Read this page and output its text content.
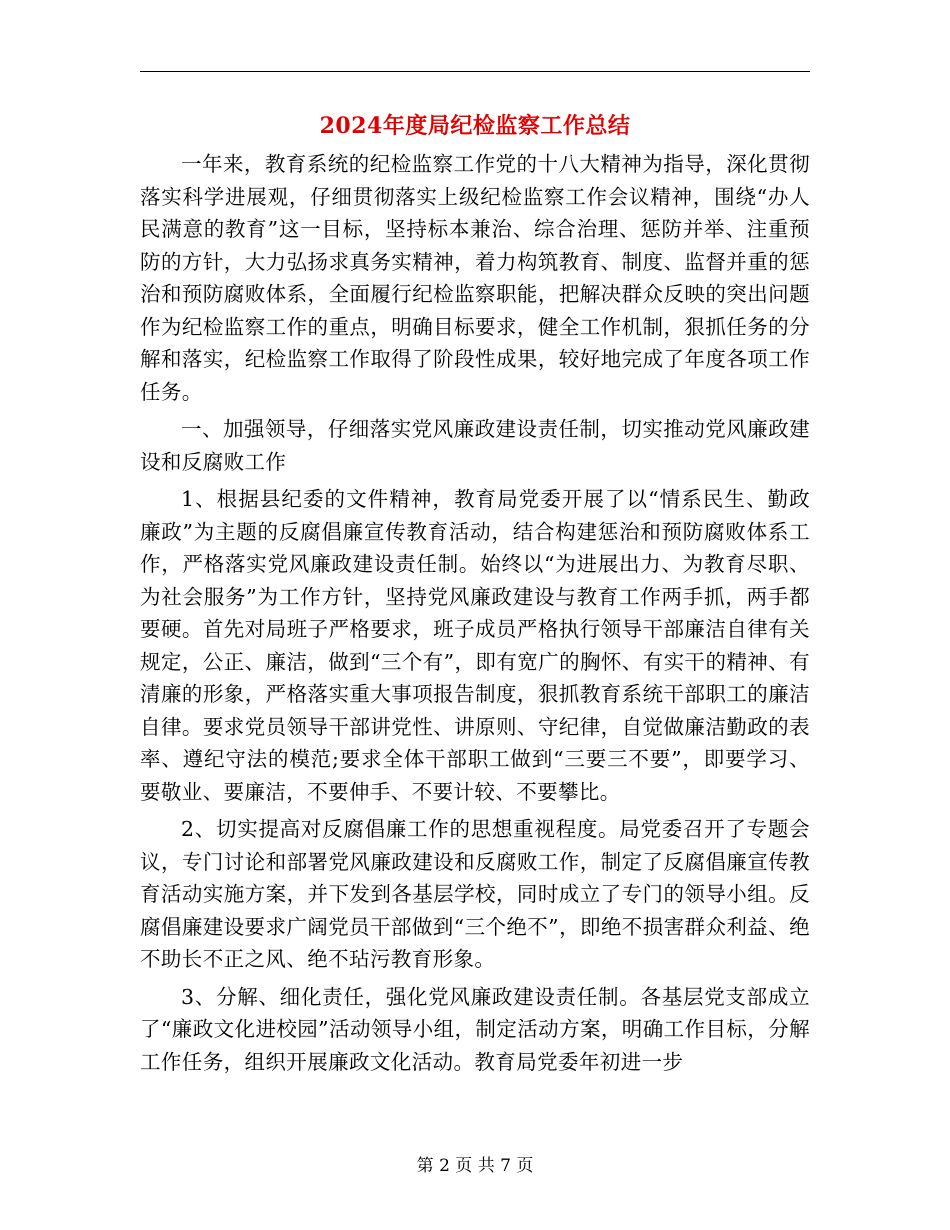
2024年度局纪检监察工作总结

一年来，教育系统的纪检监察工作党的十八大精神为指导，深化贯彻落实科学进展观，仔细贯彻落实上级纪检监察工作会议精神，围绕“办人民满意的教育”这一目标，坚持标本兼治、综合治理、惩防并举、注重预防的方针，大力弘扬求真务实精神，着力构筑教育、制度、监督并重的惩治和预防腐败体系，全面履行纪检监察职能，把解决群众反映的突出问题作为纪检监察工作的重点，明确目标要求，健全工作机制，狠抓任务的分解和落实，纪检监察工作取得了阶段性成果，较好地完成了年度各项工作任务。

一、加强领导，仔细落实党风廉政建设责任制，切实推动党风廉政建设和反腐败工作

1、根据县纪委的文件精神，教育局党委开展了以“情系民生、勤政廉政”为主题的反腐倡廉宣传教育活动，结合构建惩治和预防腐败体系工作，严格落实党风廉政建设责任制。始终以“为进展出力、为教育尽职、为社会服务”为工作方针，坚持党风廉政建设与教育工作两手抓，两手都要硬。首先对局班子严格要求，班子成员严格执行领导干部廉洁自律有关规定，公正、廉洁，做到“三个有”，即有宽广的胸怀、有实干的精神、有清廉的形象，严格落实重大事项报告制度，狠抓教育系统干部职工的廉洁自律。要求党员领导干部讲党性、讲原则、守纪律，自觉做廉洁勤政的表率、遵纪守法的模范;要求全体干部职工做到“三要三不要”，即要学习、要敬业、要廉洁，不要伸手、不要计较、不要攀比。

2、切实提高对反腐倡廉工作的思想重视程度。局党委召开了专题会议，专门讨论和部署党风廉政建设和反腐败工作，制定了反腐倡廉宣传教育活动实施方案，并下发到各基层学校，同时成立了专门的领导小组。反腐倡廉建设要求广阔党员干部做到“三个绝不”，即绝不损害群众利益、绝不助长不正之风、绝不玷污教育形象。

3、分解、细化责任，强化党风廉政建设责任制。各基层党支部成立了“廉政文化进校园”活动领导小组，制定活动方案，明确工作目标，分解工作任务，组织开展廉政文化活动。教育局党委年初进一步

第 2 页 共 7 页
